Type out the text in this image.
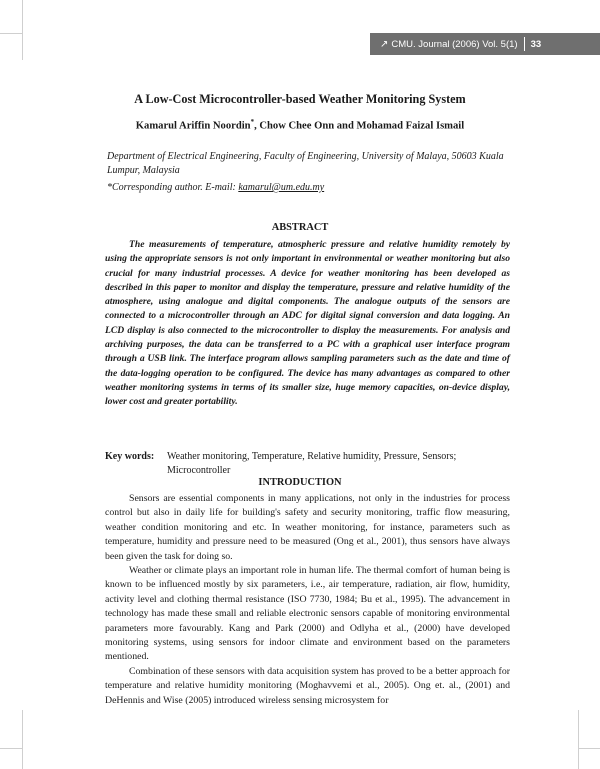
↗ CMU. Journal (2006) Vol. 5(1) 33
A Low-Cost Microcontroller-based Weather Monitoring System

Kamarul Ariffin Noordin*, Chow Chee Onn and Mohamad Faizal Ismail

Department of Electrical Engineering, Faculty of Engineering, University of Malaya, 50603 Kuala Lumpur, Malaysia

*Corresponding author. E-mail: kamarul@um.edu.my

ABSTRACT

The measurements of temperature, atmospheric pressure and relative humidity remotely by using the appropriate sensors is not only important in environmental or weather monitoring but also crucial for many industrial processes. A device for weather monitoring has been developed as described in this paper to monitor and display the temperature, pressure and relative humidity of the atmosphere, using analogue and digital components. The analogue outputs of the sensors are connected to a microcontroller through an ADC for digital signal conversion and data logging. An LCD display is also connected to the microcontroller to display the measurements. For analysis and archiving purposes, the data can be transferred to a PC with a graphical user interface program through a USB link. The interface program allows sampling parameters such as the date and time of the data-logging operation to be configured. The device has many advantages as compared to other weather monitoring systems in terms of its smaller size, huge memory capacities, on-device display, lower cost and greater portability.

Key words:	Weather monitoring, Temperature, Relative humidity, Pressure, Sensors; Microcontroller
INTRODUCTION

Sensors are essential components in many applications, not only in the industries for process control but also in daily life for building's safety and security monitoring, traffic flow measuring, weather condition monitoring and etc. In weather monitoring, for instance, parameters such as temperature, humidity and pressure need to be measured (Ong et al., 2001), thus sensors have always been given the task for doing so.

Weather or climate plays an important role in human life. The thermal comfort of human being is known to be influenced mostly by six parameters, i.e., air temperature, radiation, air flow, humidity, activity level and clothing thermal resistance (ISO 7730, 1984; Bu et al., 1995). The advancement in technology has made these small and reliable electronic sensors capable of monitoring environmental parameters more favourably. Kang and Park (2000) and Odlyha et al., (2000) have developed monitoring systems, using sensors for indoor climate and environment based on the parameters mentioned.

Combination of these sensors with data acquisition system has proved to be a better approach for temperature and relative humidity monitoring (Moghavvemi et al., 2005). Ong et. al., (2001) and DeHennis and Wise (2005) introduced wireless sensing microsystem for
